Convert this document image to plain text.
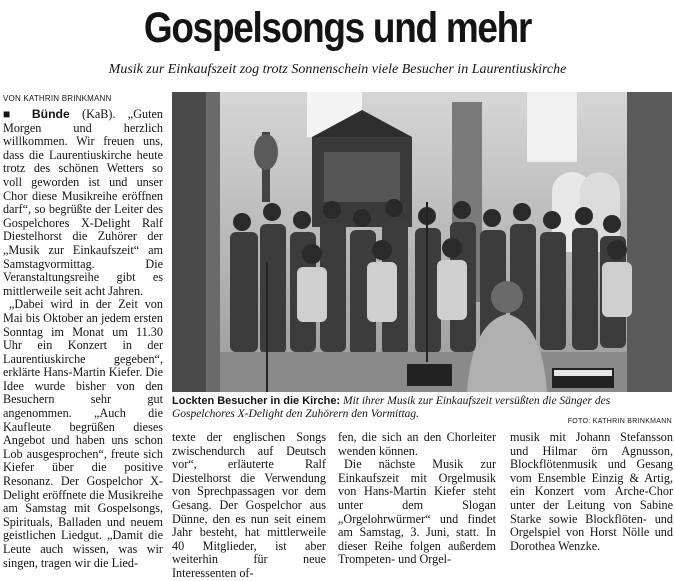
Gospelsongs und mehr
Musik zur Einkaufszeit zog trotz Sonnenschein viele Besucher in Laurentiuskirche
VON KATHRIN BRINKMANN

■ Bünde (KaB). „Guten Morgen und herzlich willkommen. Wir freuen uns, dass die Laurentiuskirche heute trotz des schönen Wetters so voll geworden ist und unser Chor diese Musikreihe eröffnen darf“, so begrüßte der Leiter des Gospelchores X-Delight Ralf Diestelhorst die Zuhörer der „Musik zur Einkaufszeit“ am Samstagvormittag. Die Veranstaltungsreihe gibt es mittlerweile seit acht Jahren.

„Dabei wird in der Zeit von Mai bis Oktober an jedem ersten Sonntag im Monat um 11.30 Uhr ein Konzert in der Laurentiuskirche gegeben“, erklärte Hans-Martin Kiefer. Die Idee wurde bisher von den Besuchern sehr gut angenommen. „Auch die Kaufleute begrüßen dieses Angebot und haben uns schon Lob ausgesprochen“, freute sich Kiefer über die positive Resonanz. Der Gospelchor X-Delight eröffnete die Musikreihe am Samstag mit Gospelsongs, Spirituals, Balladen und neuem geistlichen Liedgut. „Damit die Leute auch wissen, was wir singen, tragen wir die Lied-

Lockten Besucher in die Kirche: Mit ihrer Musik zur Einkaufszeit versüßten die Sänger des Gospelchores X-Delight den Zuhörern den Vormittag.
FOTO: KATHRIN BRINKMANN

texte der englischen Songs zwischendurch auf Deutsch vor“, erläuterte Ralf Diestelhorst die Verwendung von Sprechpassagen vor dem Gesang. Der Gospelchor aus Dünne, den es nun seit einem Jahr besteht, hat mittlerweile 40 Mitglieder, ist aber weiterhin für neue Interessenten of-

fen, die sich an den Chorleiter wenden können.

Die nächste Musik zur Einkaufszeit mit Orgelmusik von Hans-Martin Kiefer steht unter dem Slogan „Orgelohrwürmer“ und findet am Samstag, 3. Juni, statt. In dieser Reihe folgen außerdem Trompeten- und Orgel-

musik mit Johann Stefansson und Hilmar örn Agnusson, Blockflötenmusik und Gesang vom Ensemble Einzig & Artig, ein Konzert vom Arche-Chor unter der Leitung von Sabine Starke sowie Blockflöten- und Orgelspiel von Horst Nölle und Dorothea Wenzke.
